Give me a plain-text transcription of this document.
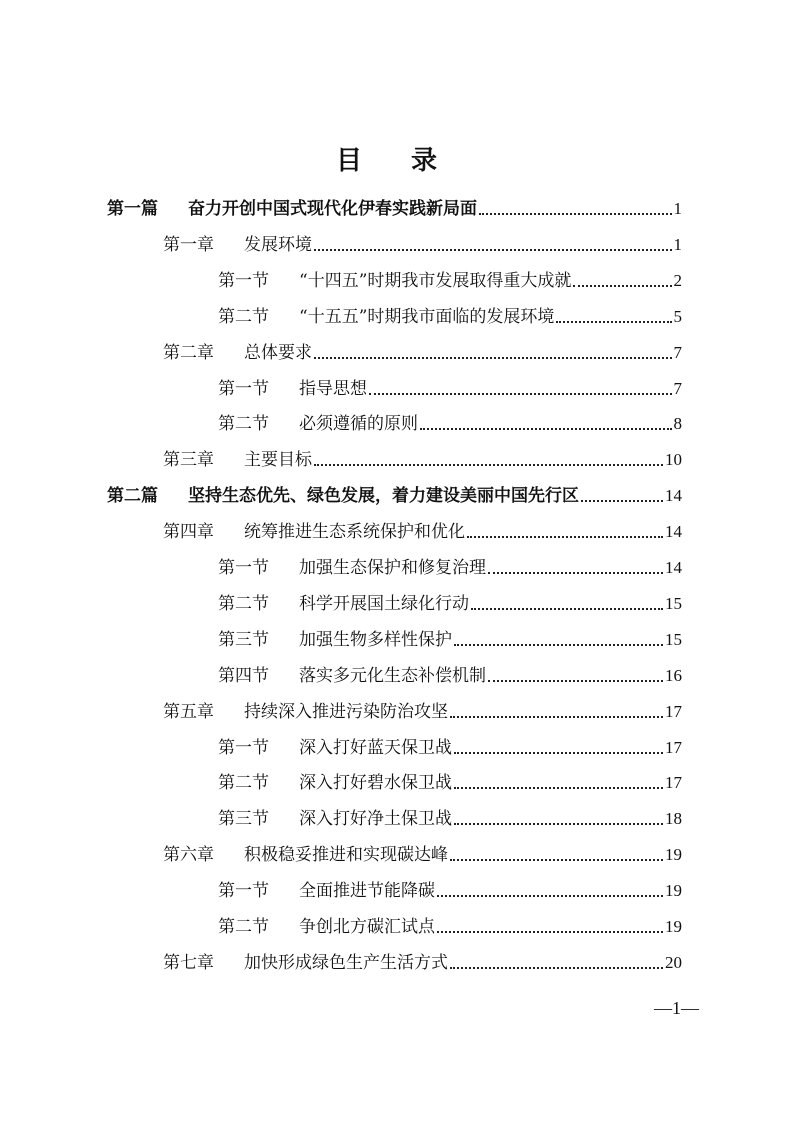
目 录
第一篇 奋力开创中国式现代化伊春实践新局面	1
第一章 发展环境	1
第一节 “十四五”时期我市发展取得重大成就	2
第二节 “十五五”时期我市面临的发展环境	5
第二章 总体要求	7
第一节 指导思想	7
第二节 必须遵循的原则	8
第三章 主要目标	10
第二篇 坚持生态优先、绿色发展，着力建设美丽中国先行区	14
第四章 统筹推进生态系统保护和优化	14
第一节 加强生态保护和修复治理	14
第二节 科学开展国土绿化行动	15
第三节 加强生物多样性保护	15
第四节 落实多元化生态补偿机制	16
第五章 持续深入推进污染防治攻坚	17
第一节 深入打好蓝天保卫战	17
第二节 深入打好碧水保卫战	17
第三节 深入打好净土保卫战	18
第六章 积极稳妥推进和实现碳达峰	19
第一节 全面推进节能降碳	19
第二节 争创北方碳汇试点	19
第七章 加快形成绿色生产生活方式	20
—1—
